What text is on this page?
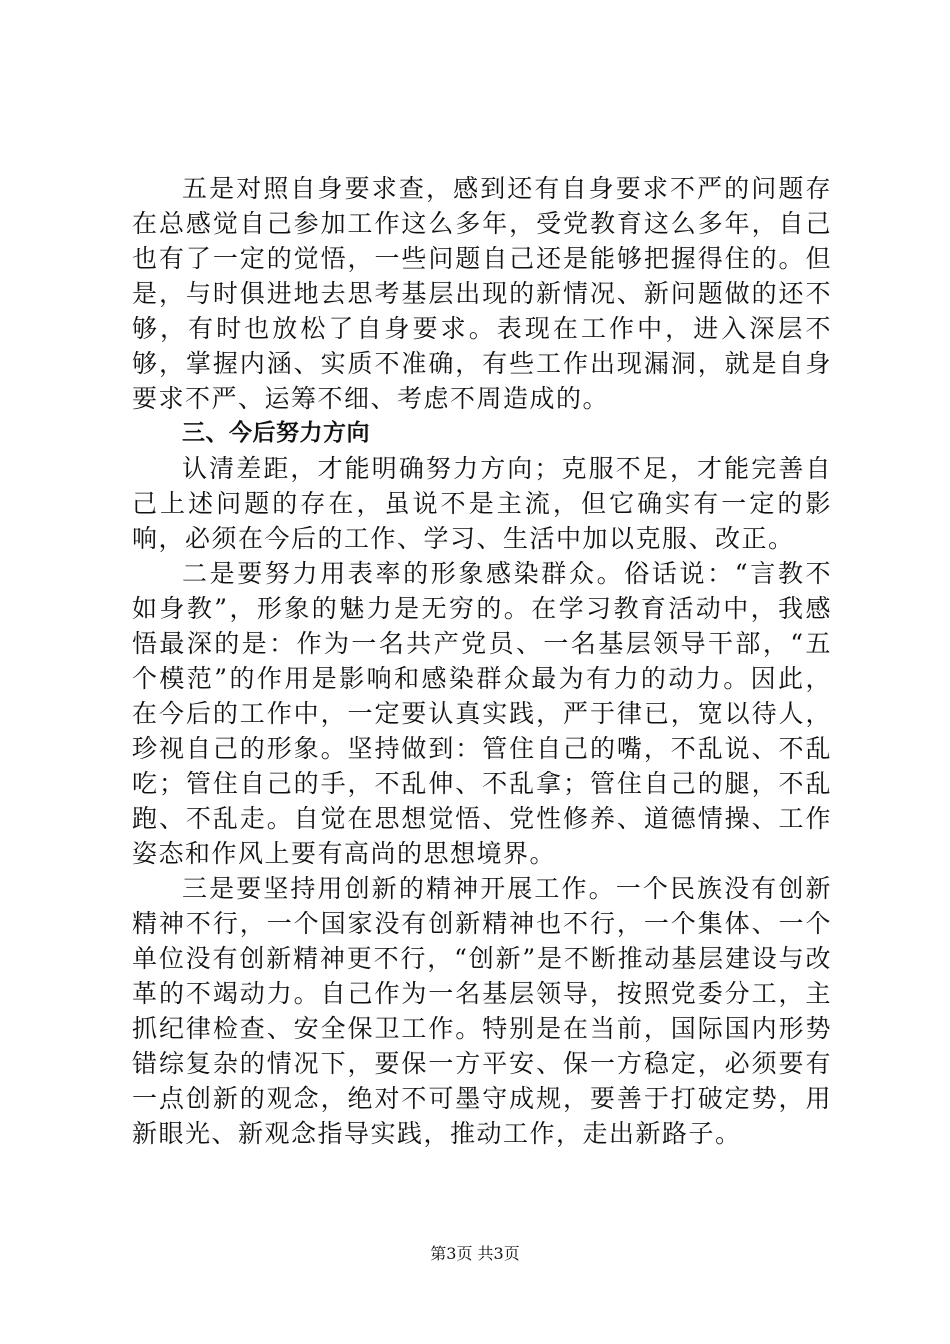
五是对照自身要求查，感到还有自身要求不严的问题存在总感觉自己参加工作这么多年，受党教育这么多年，自己也有了一定的觉悟，一些问题自己还是能够把握得住的。但是，与时俱进地去思考基层出现的新情况、新问题做的还不够，有时也放松了自身要求。表现在工作中，进入深层不够，掌握内涵、实质不准确，有些工作出现漏洞，就是自身要求不严、运筹不细、考虑不周造成的。

三、今后努力方向

认清差距，才能明确努力方向；克服不足，才能完善自己上述问题的存在，虽说不是主流，但它确实有一定的影响，必须在今后的工作、学习、生活中加以克服、改正。

二是要努力用表率的形象感染群众。俗话说：“言教不如身教”，形象的魅力是无穷的。在学习教育活动中，我感悟最深的是：作为一名共产党员、一名基层领导干部，“五个模范”的作用是影响和感染群众最为有力的动力。因此，在今后的工作中，一定要认真实践，严于律已，宽以待人，珍视自己的形象。坚持做到：管住自己的嘴，不乱说、不乱吃；管住自己的手，不乱伸、不乱拿；管住自己的腿，不乱跑、不乱走。自觉在思想觉悟、党性修养、道德情操、工作姿态和作风上要有高尚的思想境界。

三是要坚持用创新的精神开展工作。一个民族没有创新精神不行，一个国家没有创新精神也不行，一个集体、一个单位没有创新精神更不行，“创新”是不断推动基层建设与改革的不竭动力。自己作为一名基层领导，按照党委分工，主抓纪律检查、安全保卫工作。特别是在当前，国际国内形势错综复杂的情况下，要保一方平安、保一方稳定，必须要有一点创新的观念，绝对不可墨守成规，要善于打破定势，用新眼光、新观念指导实践，推动工作，走出新路子。

第3页 共3页
